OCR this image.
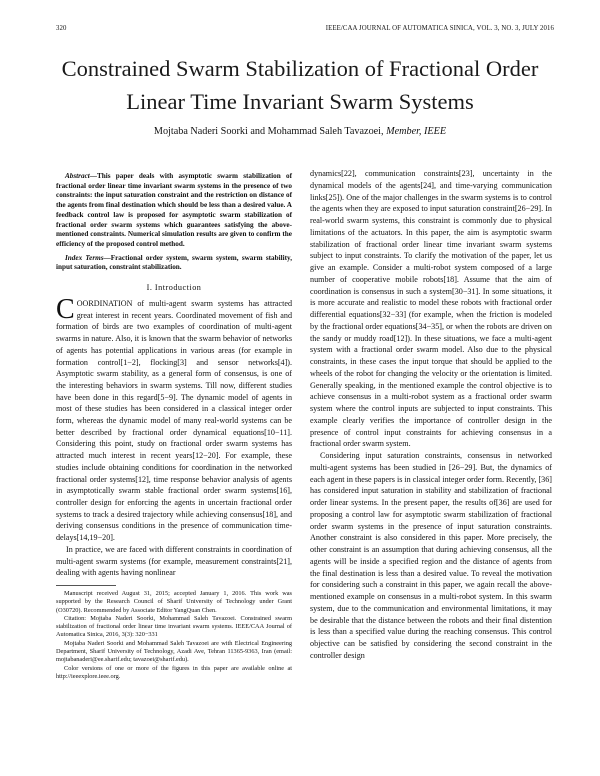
320	IEEE/CAA JOURNAL OF AUTOMATICA SINICA, VOL. 3, NO. 3, JULY 2016
Constrained Swarm Stabilization of Fractional Order Linear Time Invariant Swarm Systems
Mojtaba Naderi Soorki and Mohammad Saleh Tavazoei, Member, IEEE

Abstract—This paper deals with asymptotic swarm stabilization of fractional order linear time invariant swarm systems in the presence of two constraints: the input saturation constraint and the restriction on distance of the agents from final destination which should be less than a desired value. A feedback control law is proposed for asymptotic swarm stabilization of fractional order swarm systems which guarantees satisfying the above-mentioned constraints. Numerical simulation results are given to confirm the efficiency of the proposed control method.

Index Terms—Fractional order system, swarm system, swarm stability, input saturation, constraint stabilization.

I. Introduction

COORDINATION of multi-agent swarm systems has attracted great interest in recent years. Coordinated movement of fish and formation of birds are two examples of coordination of multi-agent swarms in nature. Also, it is known that the swarm behavior of networks of agents has potential applications in various areas (for example in formation control[1−2], flocking[3] and sensor networks[4]). Asymptotic swarm stability, as a general form of consensus, is one of the interesting behaviors in swarm systems. Till now, different studies have been done in this regard[5−9]. The dynamic model of agents in most of these studies has been considered in a classical integer order form, whereas the dynamic model of many real-world systems can be better described by fractional order dynamical equations[10−11]. Considering this point, study on fractional order swarm systems has attracted much interest in recent years[12−20]. For example, these studies include obtaining conditions for coordination in the networked fractional order systems[12], time response behavior analysis of agents in asymptotically swarm stable fractional order swarm systems[16], controller design for enforcing the agents in uncertain fractional order systems to track a desired trajectory while achieving consensus[18], and deriving consensus conditions in the presence of communication time-delays[14,19−20].

In practice, we are faced with different constraints in coordination of multi-agent swarm systems (for example, measurement constraints[21], dealing with agents having nonlinear

Manuscript received August 31, 2015; accepted January 1, 2016. This work was supported by the Research Council of Sharif University of Technology under Grant (O30720). Recommended by Associate Editor YangQuan Chen.

Citation: Mojtaba Naderi Soorki, Mohammad Saleh Tavazoei. Constrained swarm stabilization of fractional order linear time invariant swarm systems. IEEE/CAA Journal of Automatica Sinica, 2016, 3(3): 320−331

Mojtaba Naderi Soorki and Mohammad Saleh Tavazoei are with Electrical Engineering Department, Sharif University of Technology, Azadi Ave, Tehran 11365-9363, Iran (email: mojtabanaderi@ee.sharif.edu; tavazoei@sharif.edu).

Color versions of one or more of the figures in this paper are available online at http://ieeexplore.ieee.org.

dynamics[22], communication constraints[23], uncertainty in the dynamical models of the agents[24], and time-varying communication links[25]). One of the major challenges in the swarm systems is to control the agents when they are exposed to input saturation constraint[26−29]. In real-world swarm systems, this constraint is commonly due to physical limitations of the actuators. In this paper, the aim is asymptotic swarm stabilization of fractional order linear time invariant swarm systems subject to input constraints. To clarify the motivation of the paper, let us give an example. Consider a multi-robot system composed of a large number of cooperative mobile robots[18]. Assume that the aim of coordination is consensus in such a system[30−31]. In some situations, it is more accurate and realistic to model these robots with fractional order differential equations[32−33] (for example, when the friction is modeled by the fractional order equations[34−35], or when the robots are driven on the sandy or muddy road[12]). In these situations, we face a multi-agent system with a fractional order swarm model. Also due to the physical constraints, in these cases the input torque that should be applied to the wheels of the robot for changing the velocity or the orientation is limited. Generally speaking, in the mentioned example the control objective is to achieve consensus in a multi-robot system as a fractional order swarm system where the control inputs are subjected to input constraints. This example clearly verifies the importance of controller design in the presence of control input constraints for achieving consensus in a fractional order swarm system.

Considering input saturation constraints, consensus in networked multi-agent systems has been studied in [26−29]. But, the dynamics of each agent in these papers is in classical integer order form. Recently, [36] has considered input saturation in stability and stabilization of fractional order linear systems. In the present paper, the results of[36] are used for proposing a control law for asymptotic swarm stabilization of fractional order swarm systems in the presence of input saturation constraints. Another constraint is also considered in this paper. More precisely, the other constraint is an assumption that during achieving consensus, all the agents will be inside a specified region and the distance of agents from the final destination is less than a desired value. To reveal the motivation for considering such a constraint in this paper, we again recall the above-mentioned example on consensus in a multi-robot system. In this swarm system, due to the communication and environmental limitations, it may be desirable that the distance between the robots and their final distention is less than a specified value during the reaching consensus. This control objective can be satisfied by considering the second constraint in the controller design
